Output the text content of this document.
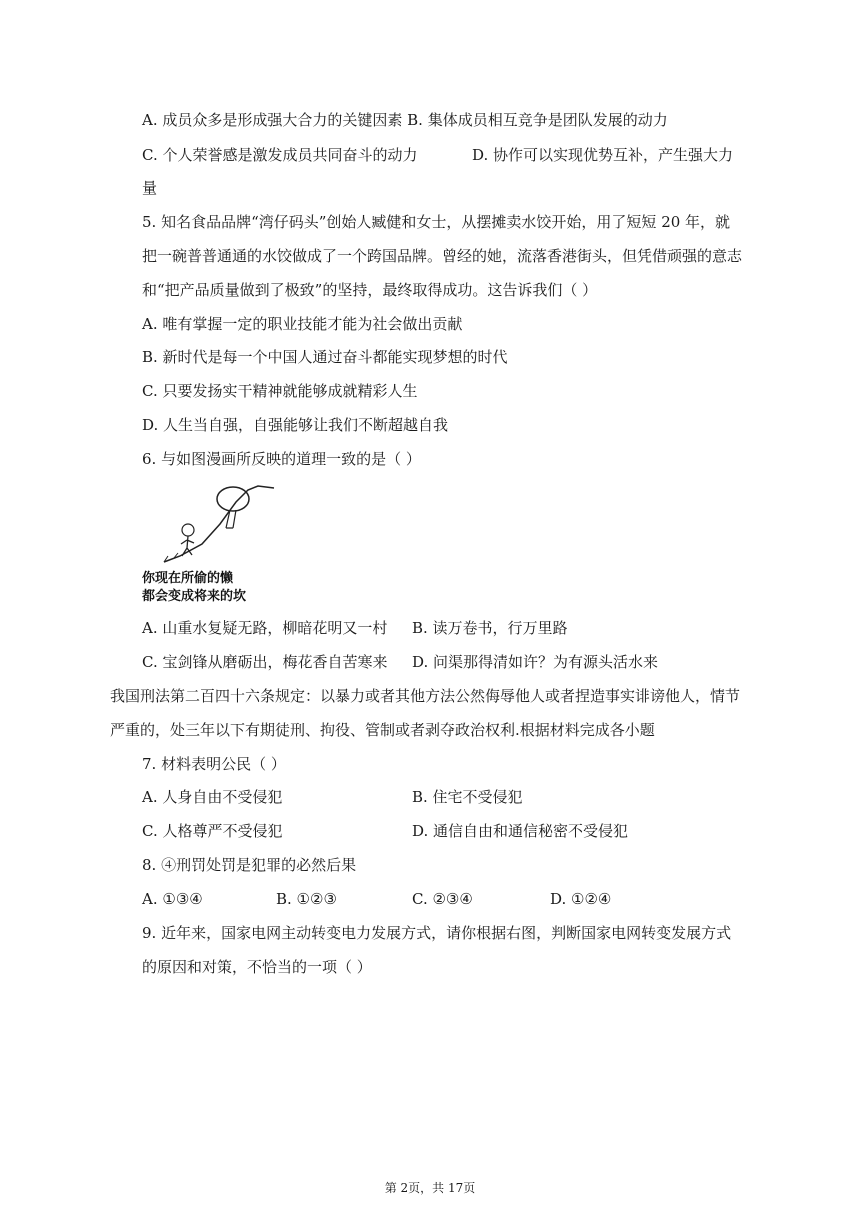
A. 成员众多是形成强大合力的关键因素 B. 集体成员相互竞争是团队发展的动力
C. 个人荣誉感是激发成员共同奋斗的动力	D. 协作可以实现优势互补，产生强大力
量
5. 知名食品品牌“湾仔码头”创始人臧健和女士，从摆摊卖水饺开始，用了短短 20 年，就
把一碗普普通通的水饺做成了一个跨国品牌。曾经的她，流落香港街头，但凭借顽强的意志
和“把产品质量做到了极致”的坚持，最终取得成功。这告诉我们（ ）
A. 唯有掌握一定的职业技能才能为社会做出贡献
B. 新时代是每一个中国人通过奋斗都能实现梦想的时代
C. 只要发扬实干精神就能够成就精彩人生
D. 人生当自强，自强能够让我们不断超越自我
6. 与如图漫画所反映的道理一致的是（ ）
你现在所偷的懒
都会变成将来的坎
A. 山重水复疑无路，柳暗花明又一村 B. 读万卷书，行万里路
C. 宝剑锋从磨砺出，梅花香自苦寒来 D. 问渠那得清如许？为有源头活水来
我国刑法第二百四十六条规定：以暴力或者其他方法公然侮辱他人或者捏造事实诽谤他人，情节
严重的，处三年以下有期徒刑、拘役、管制或者剥夺政治权利.根据材料完成各小题
7. 材料表明公民（ ）
A. 人身自由不受侵犯	B. 住宅不受侵犯
C. 人格尊严不受侵犯	D. 通信自由和通信秘密不受侵犯
8. ④刑罚处罚是犯罪的必然后果
A. ①③④	B. ①②③	C. ②③④	D. ①②④
9. 近年来，国家电网主动转变电力发展方式，请你根据右图，判断国家电网转变发展方式
的原因和对策，不恰当的一项（ ）
第 2页，共 17页
